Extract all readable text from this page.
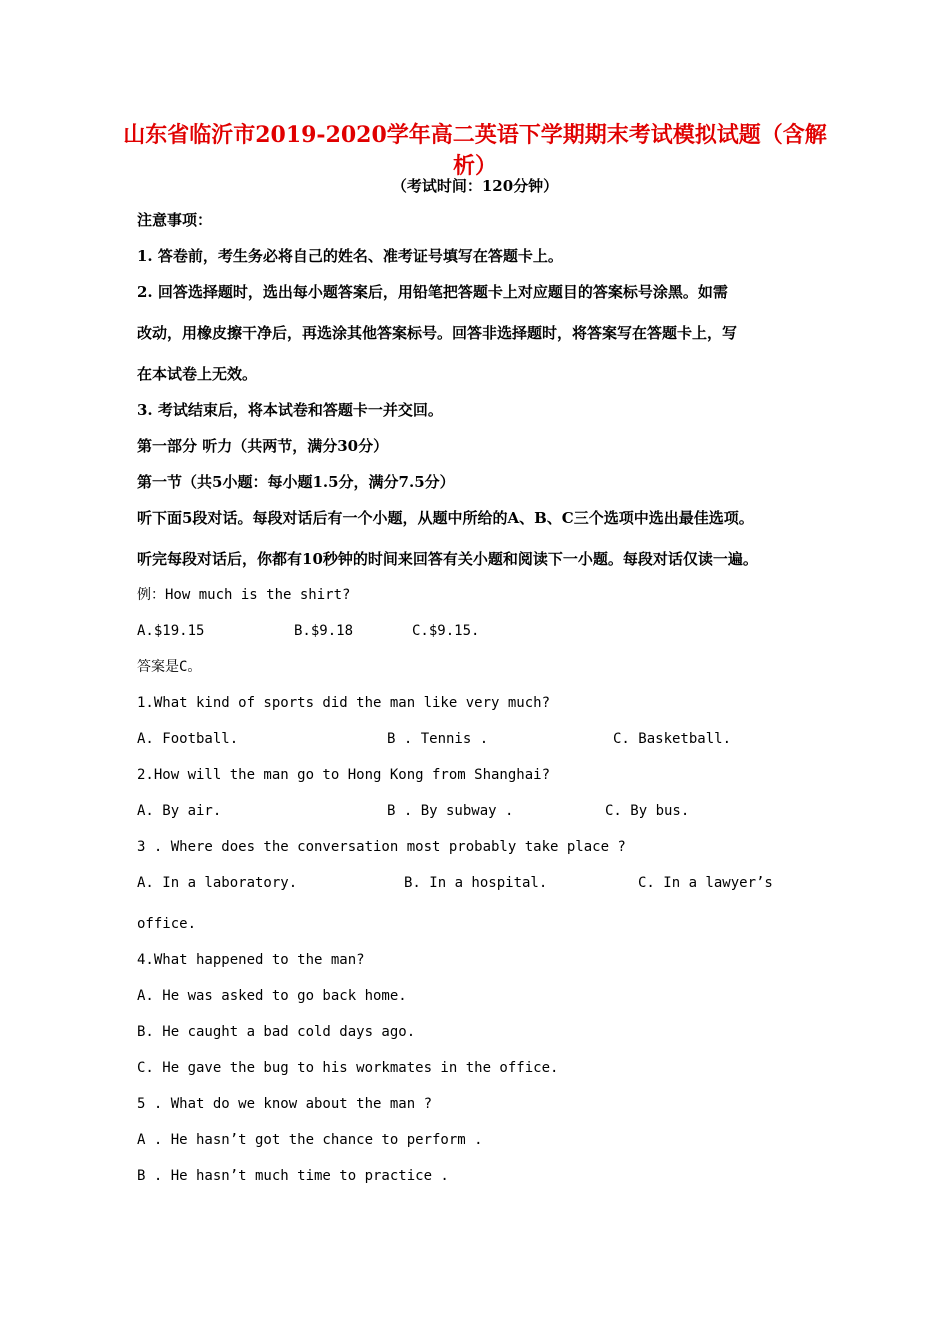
山东省临沂市2019-2020学年高二英语下学期期末考试模拟试题（含解析）
（考试时间：120分钟）
注意事项：
1. 答卷前，考生务必将自己的姓名、准考证号填写在答题卡上。
2. 回答选择题时，选出每小题答案后，用铅笔把答题卡上对应题目的答案标号涂黑。如需
改动，用橡皮擦干净后，再选涂其他答案标号。回答非选择题时，将答案写在答题卡上，写
在本试卷上无效。
3. 考试结束后，将本试卷和答题卡一并交回。
第一部分 听力（共两节，满分30分）
第一节（共5小题：每小题1.5分，满分7.5分）
听下面5段对话。每段对话后有一个小题，从题中所给的A、B、C三个选项中选出最佳选项。
听完每段对话后，你都有10秒钟的时间来回答有关小题和阅读下一小题。每段对话仅读一遍。
例：How much is the shirt?
A.$19.15	B.$9.18	C.$9.15.
答案是C。
1.What kind of sports did the man like very much?
A. Football.	B . Tennis .	C. Basketball.
2.How will the man go to Hong Kong from Shanghai?
A. By air.	B . By subway .	C. By bus.
3 . Where does the conversation most probably take place ?
A. In a laboratory.	B. In a hospital.	C. In a lawyer’s
office.
4.What happened to the man?
A. He was asked to go back home.
B. He caught a bad cold days ago.
C. He gave the bug to his workmates in the office.
5 . What do we know about the man ?
A . He hasn’t got the chance to perform .
B . He hasn’t much time to practice .
